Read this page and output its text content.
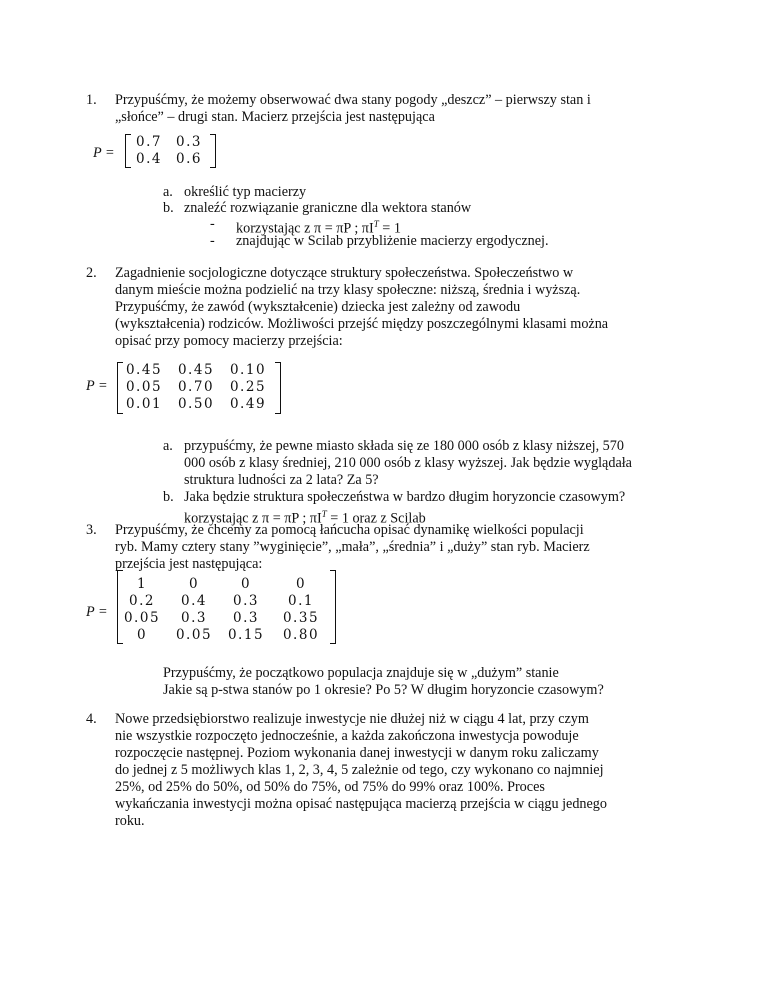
1. Przypuśćmy, że możemy obserwować dwa stany pogody „deszcz” – pierwszy stan i
„słońce” – drugi stan. Macierz przejścia jest następująca
P =
0.7 0.3
0.4 0.6
a. określić typ macierzy
b. znaleźć rozwiązanie graniczne dla wektora stanów
- korzystając z π = πP ; $\pi I^T = 1$
- znajdując w Scilab przybliżenie macierzy ergodycznej.
2. Zagadnienie socjologiczne dotyczące struktury społeczeństwa. Społeczeństwo w
danym mieście można podzielić na trzy klasy społeczne: niższą, średnia i wyższą.
Przypuśćmy, że zawód (wykształcenie) dziecka jest zależny od zawodu
(wykształcenia) rodziców. Możliwości przejść między poszczególnymi klasami można
opisać przy pomocy macierzy przejścia:
P =
0.45	0.45	0.10
0.05	0.70	0.25
0.01	0.50	0.49
a. przypuśćmy, że pewne miasto składa się ze 180 000 osób z klasy niższej, 570
000 osób z klasy średniej, 210 000 osób z klasy wyższej. Jak będzie wyglądała
struktura ludności za 2 lata? Za 5?
b. Jaka będzie struktura społeczeństwa w bardzo długim horyzoncie czasowym?
korzystając z π = πP ; $\pi I^T = 1$ oraz z Scilab
3. Przypuśćmy, że chcemy za pomocą łańcucha opisać dynamikę wielkości populacji
ryb. Mamy cztery stany ”wyginięcie”, „mała”, „średnia” i „duży” stan ryb. Macierz
przejścia jest następująca:
P =
1	0	0	0
0.2	0.4	0.3	0.1
0.05	0.3	0.3	0.35
0	0.05 0.15	0.80
Przypuśćmy, że początkowo populacja znajduje się w „dużym” stanie
Jakie są p-stwa stanów po 1 okresie? Po 5? W długim horyzoncie czasowym?
4. Nowe przedsiębiorstwo realizuje inwestycje nie dłużej niż w ciągu 4 lat, przy czym
nie wszystkie rozpoczęto jednocześnie, a każda zakończona inwestycja powoduje
rozpoczęcie następnej. Poziom wykonania danej inwestycji w danym roku zaliczamy
do jednej z 5 możliwych klas 1, 2, 3, 4, 5 zależnie od tego, czy wykonano co najmniej
25%, od 25% do 50%, od 50% do 75%, od 75% do 99% oraz 100%. Proces
wykańczania inwestycji można opisać następująca macierzą przejścia w ciągu jednego
roku.
